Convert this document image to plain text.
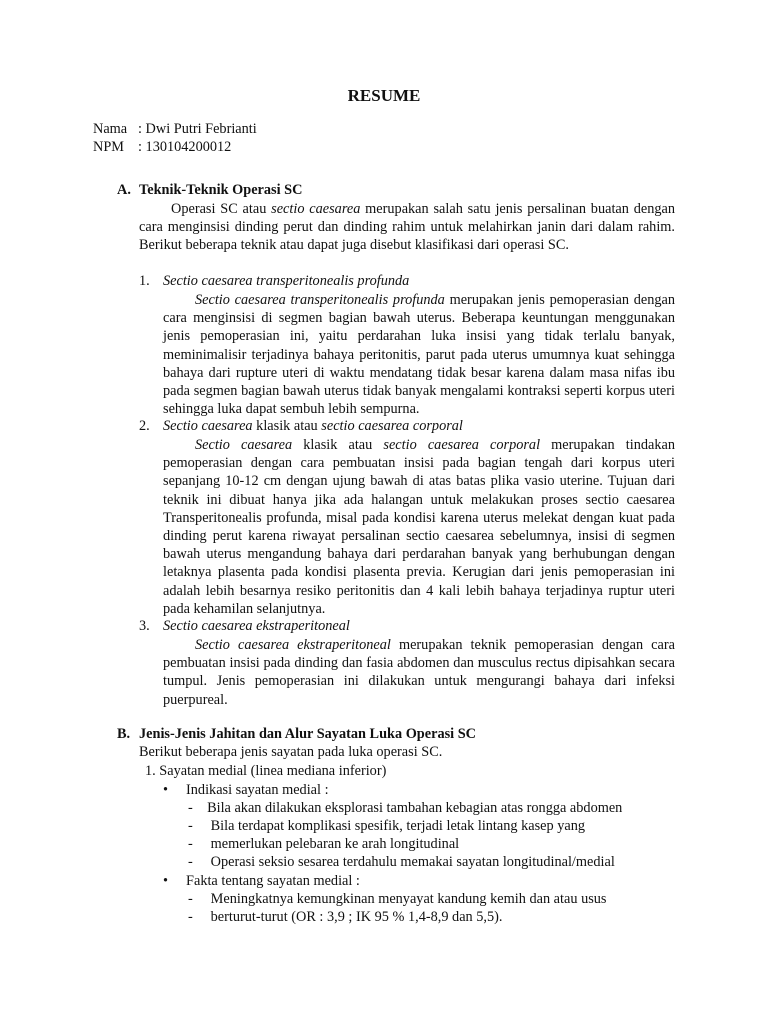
RESUME
Nama : Dwi Putri Febrianti
NPM : 130104200012
A. Teknik-Teknik Operasi SC

Operasi SC atau sectio caesarea merupakan salah satu jenis persalinan buatan dengan cara menginsisi dinding perut dan dinding rahim untuk melahirkan janin dari dalam rahim. Berikut beberapa teknik atau dapat juga disebut klasifikasi dari operasi SC.

1. Sectio caesarea transperitonealis profunda

Sectio caesarea transperitonealis profunda merupakan jenis pemoperasian dengan cara menginsisi di segmen bagian bawah uterus. Beberapa keuntungan menggunakan jenis pemoperasian ini, yaitu perdarahan luka insisi yang tidak terlalu banyak, meminimalisir terjadinya bahaya peritonitis, parut pada uterus umumnya kuat sehingga bahaya dari rupture uteri di waktu mendatang tidak besar karena dalam masa nifas ibu pada segmen bagian bawah uterus tidak banyak mengalami kontraksi seperti korpus uteri sehingga luka dapat sembuh lebih sempurna.

2. Sectio caesarea klasik atau sectio caesarea corporal

Sectio caesarea klasik atau sectio caesarea corporal merupakan tindakan pemoperasian dengan cara pembuatan insisi pada bagian tengah dari korpus uteri sepanjang 10-12 cm dengan ujung bawah di atas batas plika vasio uterine. Tujuan dari teknik ini dibuat hanya jika ada halangan untuk melakukan proses sectio caesarea Transperitonealis profunda, misal pada kondisi karena uterus melekat dengan kuat pada dinding perut karena riwayat persalinan sectio caesarea sebelumnya, insisi di segmen bawah uterus mengandung bahaya dari perdarahan banyak yang berhubungan dengan letaknya plasenta pada kondisi plasenta previa. Kerugian dari jenis pemoperasian ini adalah lebih besarnya resiko peritonitis dan 4 kali lebih bahaya terjadinya ruptur uteri pada kehamilan selanjutnya.

3. Sectio caesarea ekstraperitoneal

Sectio caesarea ekstraperitoneal merupakan teknik pemoperasian dengan cara pembuatan insisi pada dinding dan fasia abdomen dan musculus rectus dipisahkan secara tumpul. Jenis pemoperasian ini dilakukan untuk mengurangi bahaya dari infeksi puerpureal.

B. Jenis-Jenis Jahitan dan Alur Sayatan Luka Operasi SC
Berikut beberapa jenis sayatan pada luka operasi SC.
1. Sayatan medial (linea mediana inferior)
• Indikasi sayatan medial :
-    Bila akan dilakukan eksplorasi tambahan kebagian atas rongga abdomen
-     Bila terdapat komplikasi spesifik, terjadi letak lintang kasep yang
-     memerlukan pelebaran ke arah longitudinal
-     Operasi seksio sesarea terdahulu memakai sayatan longitudinal/medial
• Fakta tentang sayatan medial :
-     Meningkatnya kemungkinan menyayat kandung kemih dan atau usus
-     berturut-turut (OR : 3,9 ; IK 95 % 1,4-8,9 dan 5,5).
